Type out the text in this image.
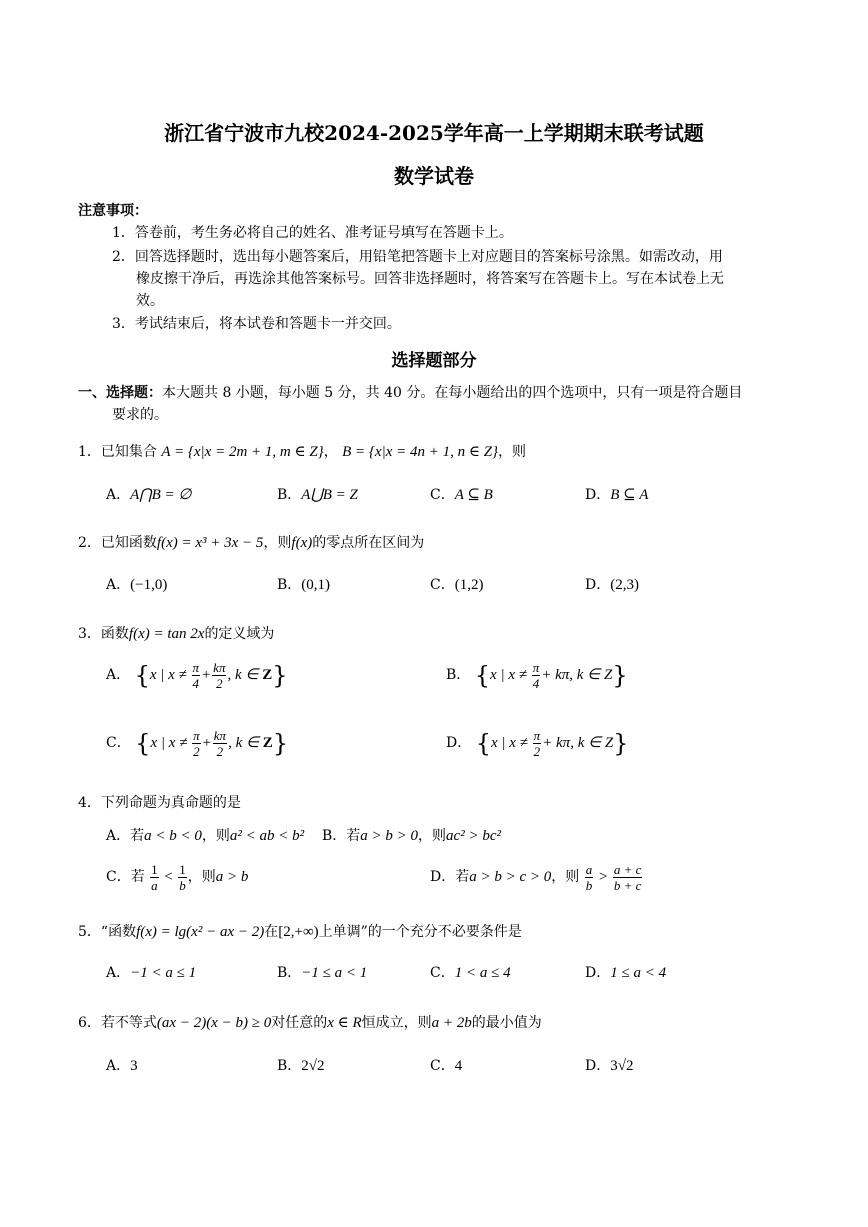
浙江省宁波市九校2024-2025学年高一上学期期末联考试题
数学试卷
注意事项：
1．答卷前，考生务必将自己的姓名、准考证号填写在答题卡上。
2．回答选择题时，选出每小题答案后，用铅笔把答题卡上对应题目的答案标号涂黑。如需改动，用
橡皮擦干净后，再选涂其他答案标号。回答非选择题时，将答案写在答题卡上。写在本试卷上无
效。
3．考试结束后，将本试卷和答题卡一并交回。
选择题部分
一、选择题：本大题共 8 小题，每小题 5 分，共 40 分。在每小题给出的四个选项中，只有一项是符合题目
要求的。
1．已知集合 A = {x|x = 2m + 1, m ∈ Z}， B = {x|x = 4n + 1, n ∈ Z}，则
A．A⋂B = ∅	B．A⋃B = Z	C．A ⊆ B	D．B ⊆ A
2．已知函数f(x) = x³ + 3x − 5，则f(x)的零点所在区间为
A．(−1,0)	B．(0,1)	C．(1,2)	D．(2,3)
3．函数f(x) = tan 2x的定义域为
A． {x | $x \ne \frac{\pi}{4} + \frac{k\pi}{2}$ , k ∈ Z}	B． {x | $x \ne \frac{\pi}{4} + k\pi$, k ∈ Z}
C． {x | $x \ne \frac{\pi}{2} + \frac{k\pi}{2}$ , k ∈ Z}	D． {x | $x \ne \frac{\pi}{2} + k\pi$, k ∈ Z}
4．下列命题为真命题的是
A．若a < b < 0，则a² < ab < b² B．若a > b > 0，则ac² > bc²
C．若 $\frac{1}{a} < \frac{1}{b}$ ，则a > b	D．若a > b > c > 0，则 $\frac{a}{b} > \frac{a + c}{b + c}$
5．“函数f(x) = lg(x² − ax − 2)在[2,+∞)上单调”的一个充分不必要条件是
A．−1 < a ≤ 1	B．−1 ≤ a < 1	C．1 < a ≤ 4	D．1 ≤ a < 4
6．若不等式(ax − 2)(x − b) ≥ 0对任意的x ∈ R恒成立，则a + 2b的最小值为
A．3	B．2√2	C．4	D．3√2
